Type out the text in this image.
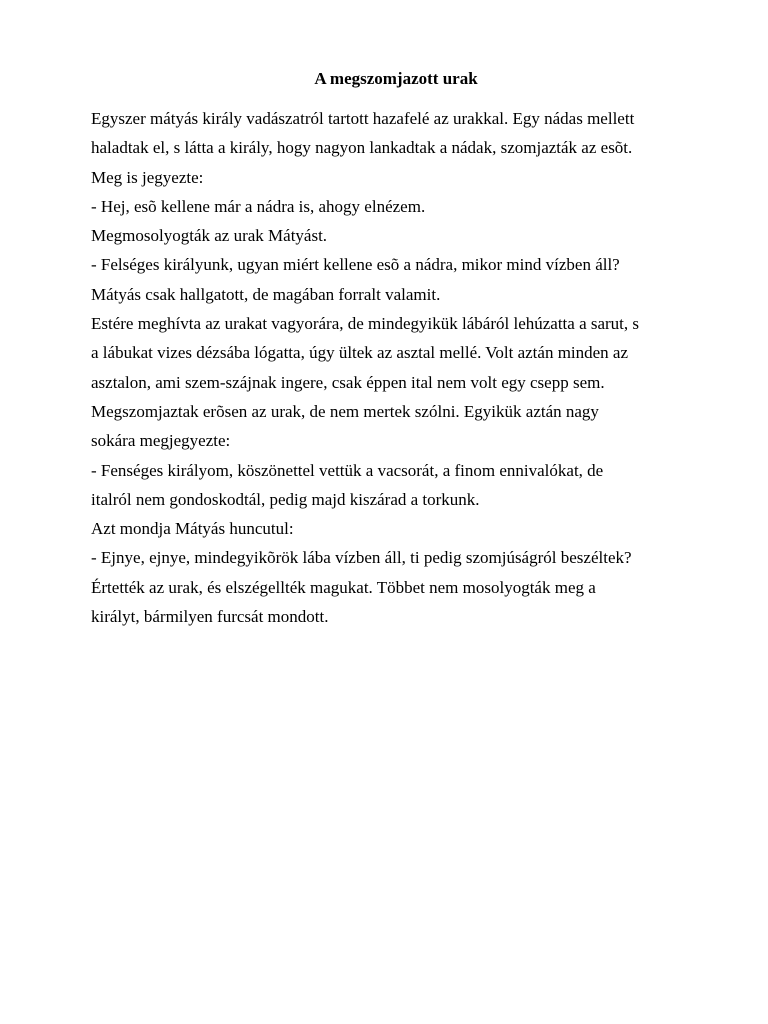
A megszomjazott urak
Egyszer mátyás király vadászatról tartott hazafelé az urakkal. Egy nádas mellett
haladtak el, s látta a király, hogy nagyon lankadtak a nádak, szomjazták az esõt.
Meg is jegyezte:
- Hej, esõ kellene már a nádra is, ahogy elnézem.
Megmosolyogták az urak Mátyást.
- Felséges királyunk, ugyan miért kellene esõ a nádra, mikor mind vízben áll?
Mátyás csak hallgatott, de magában forralt valamit.
Estére meghívta az urakat vagyorára, de mindegyikük lábáról lehúzatta a sarut, s
a lábukat vizes dézsába lógatta, úgy ültek az asztal mellé. Volt aztán minden az
asztalon, ami szem-szájnak ingere, csak éppen ital nem volt egy csepp sem.
Megszomjaztak erõsen az urak, de nem mertek szólni. Egyikük aztán nagy
sokára megjegyezte:
- Fenséges királyom, köszönettel vettük a vacsorát, a finom ennivalókat, de
italról nem gondoskodtál, pedig majd kiszárad a torkunk.
Azt mondja Mátyás huncutul:
- Ejnye, ejnye, mindegyikõrök lába vízben áll, ti pedig szomjúságról beszéltek?
Értették az urak, és elszégellték magukat. Többet nem mosolyogták meg a
királyt, bármilyen furcsát mondott.
